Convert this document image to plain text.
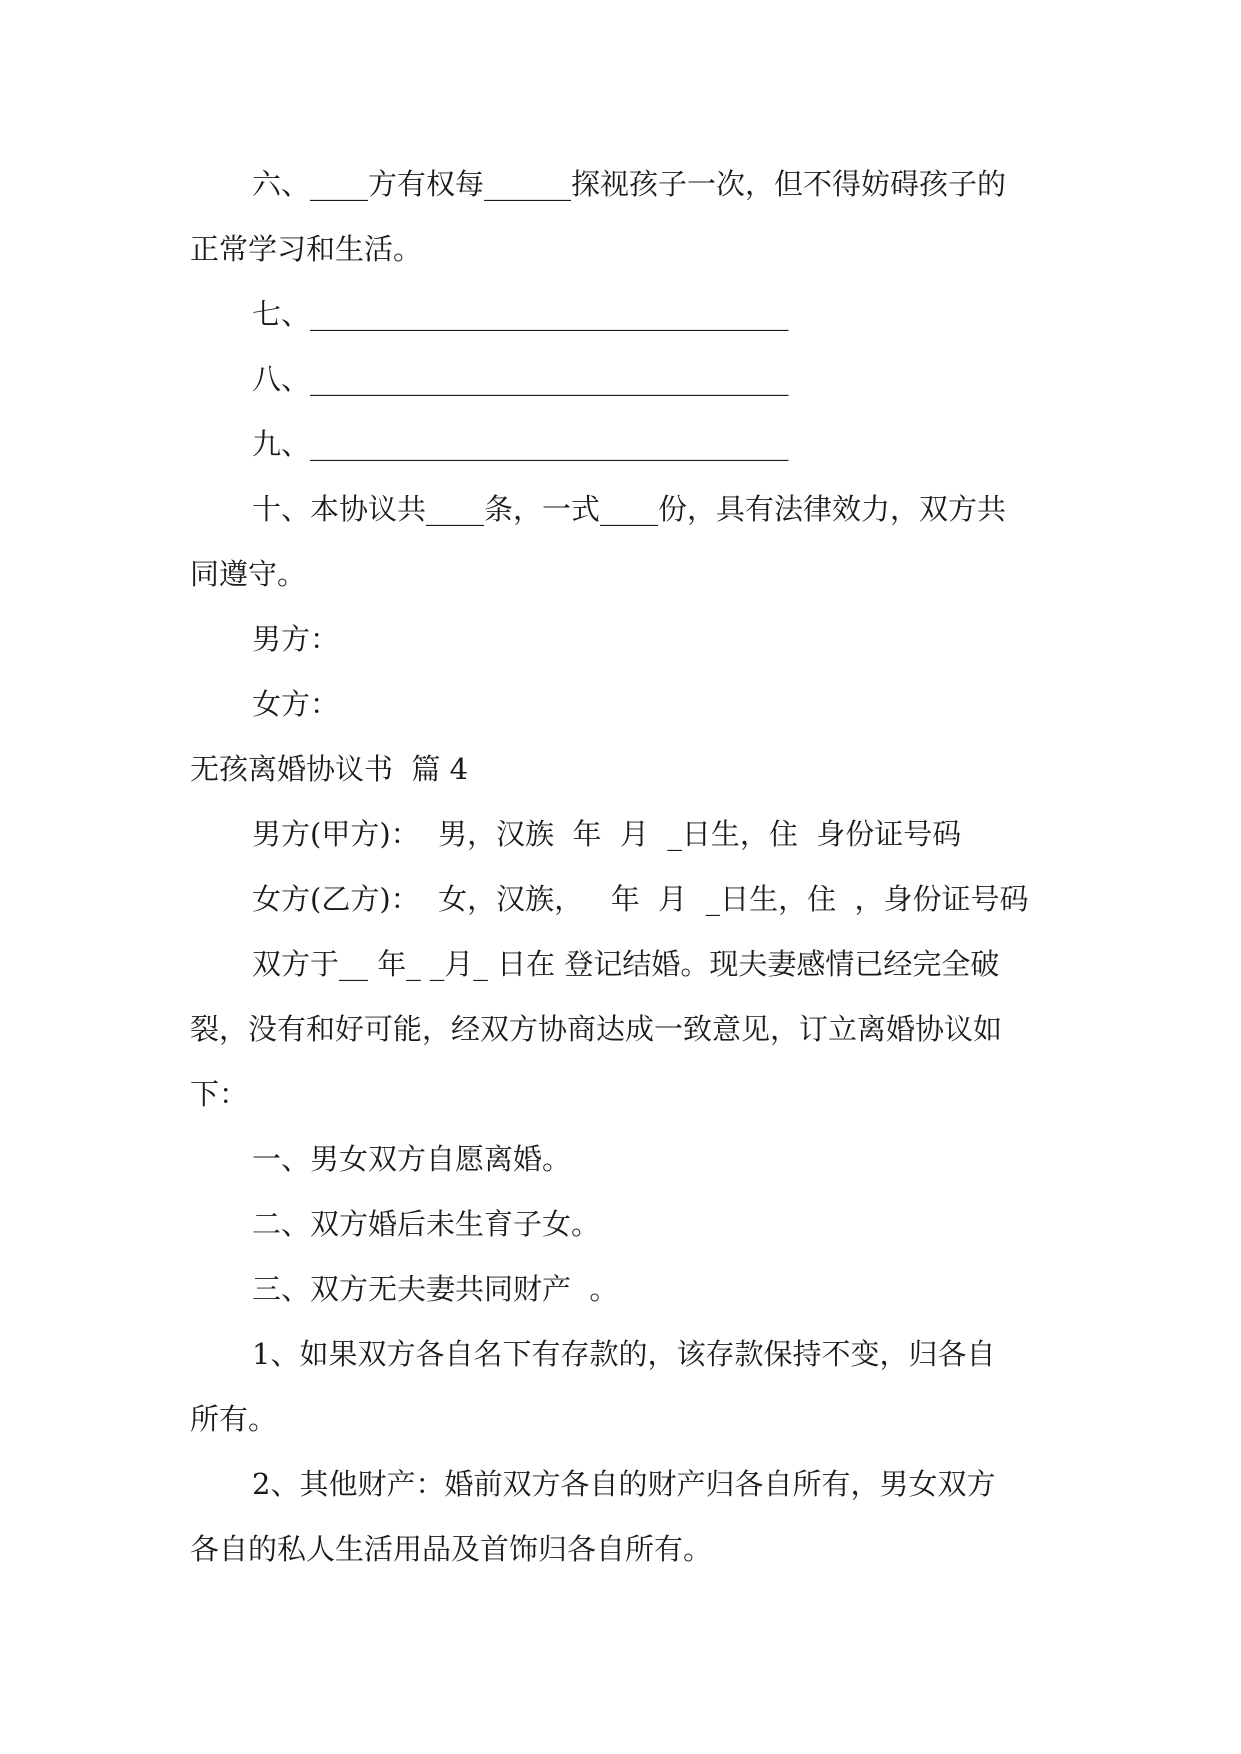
六、____方有权每______探视孩子一次，但不得妨碍孩子的
正常学习和生活。
七、_________________________________
八、_________________________________
九、_________________________________
十、本协议共____条，一式____份，具有法律效力，双方共
同遵守。
男方：
女方：
无孩离婚协议书  篇 4
男方(甲方)：  男，汉族  年  月  _日生，住  身份证号码
女方(乙方)：  女，汉族，   年  月  _日生，住  ，身份证号码
双方于__ 年_ _月_ 日在 登记结婚。现夫妻感情已经完全破
裂，没有和好可能，经双方协商达成一致意见，订立离婚协议如
下：
一、男女双方自愿离婚。
二、双方婚后未生育子女。
三、双方无夫妻共同财产  。
1、如果双方各自名下有存款的，该存款保持不变，归各自
所有。
2、其他财产：婚前双方各自的财产归各自所有，男女双方
各自的私人生活用品及首饰归各自所有。
